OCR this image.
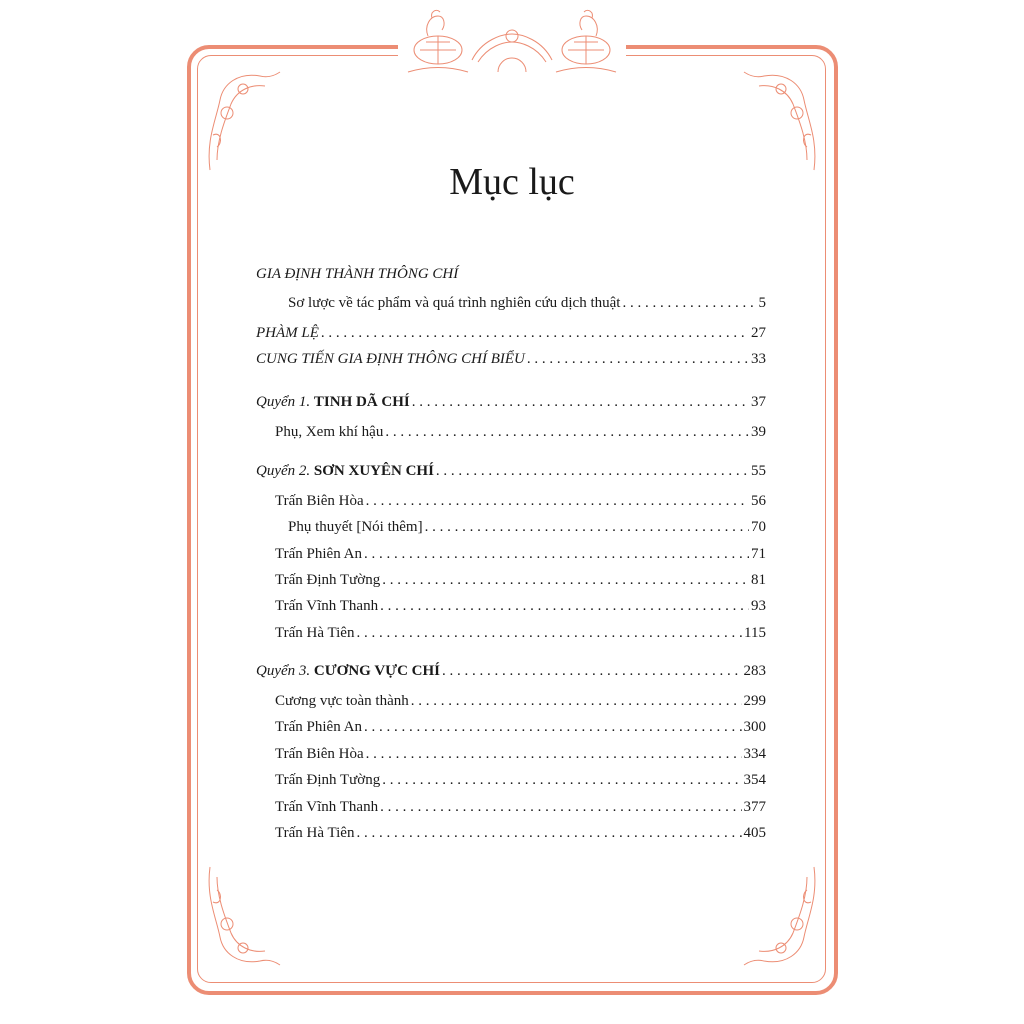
Mục lục
GIA ĐỊNH THÀNH THÔNG CHÍ
Sơ lược về tác phẩm và quá trình nghiên cứu dịch thuật . . .	5
PHÀM LỆ . . .	27
CUNG TIẾN GIA ĐỊNH THÔNG CHÍ BIỂU . . .	33
Quyển 1. TINH DÃ CHÍ . . .	37
Phụ, Xem khí hậu . . .	39
Quyển 2. SƠN XUYÊN CHÍ . . .	55
Trấn Biên Hòa . . .	56
Phụ thuyết [Nói thêm] . . .	70
Trấn Phiên An . . .	71
Trấn Định Tường . . .	81
Trấn Vĩnh Thanh . . .	93
Trấn Hà Tiên . . .	115
Quyển 3. CƯƠNG VỰC CHÍ . . .	283
Cương vực toàn thành . . .	299
Trấn Phiên An . . .	300
Trấn Biên Hòa . . .	334
Trấn Định Tường . . .	354
Trấn Vĩnh Thanh . . .	377
Trấn Hà Tiên . . .	405
